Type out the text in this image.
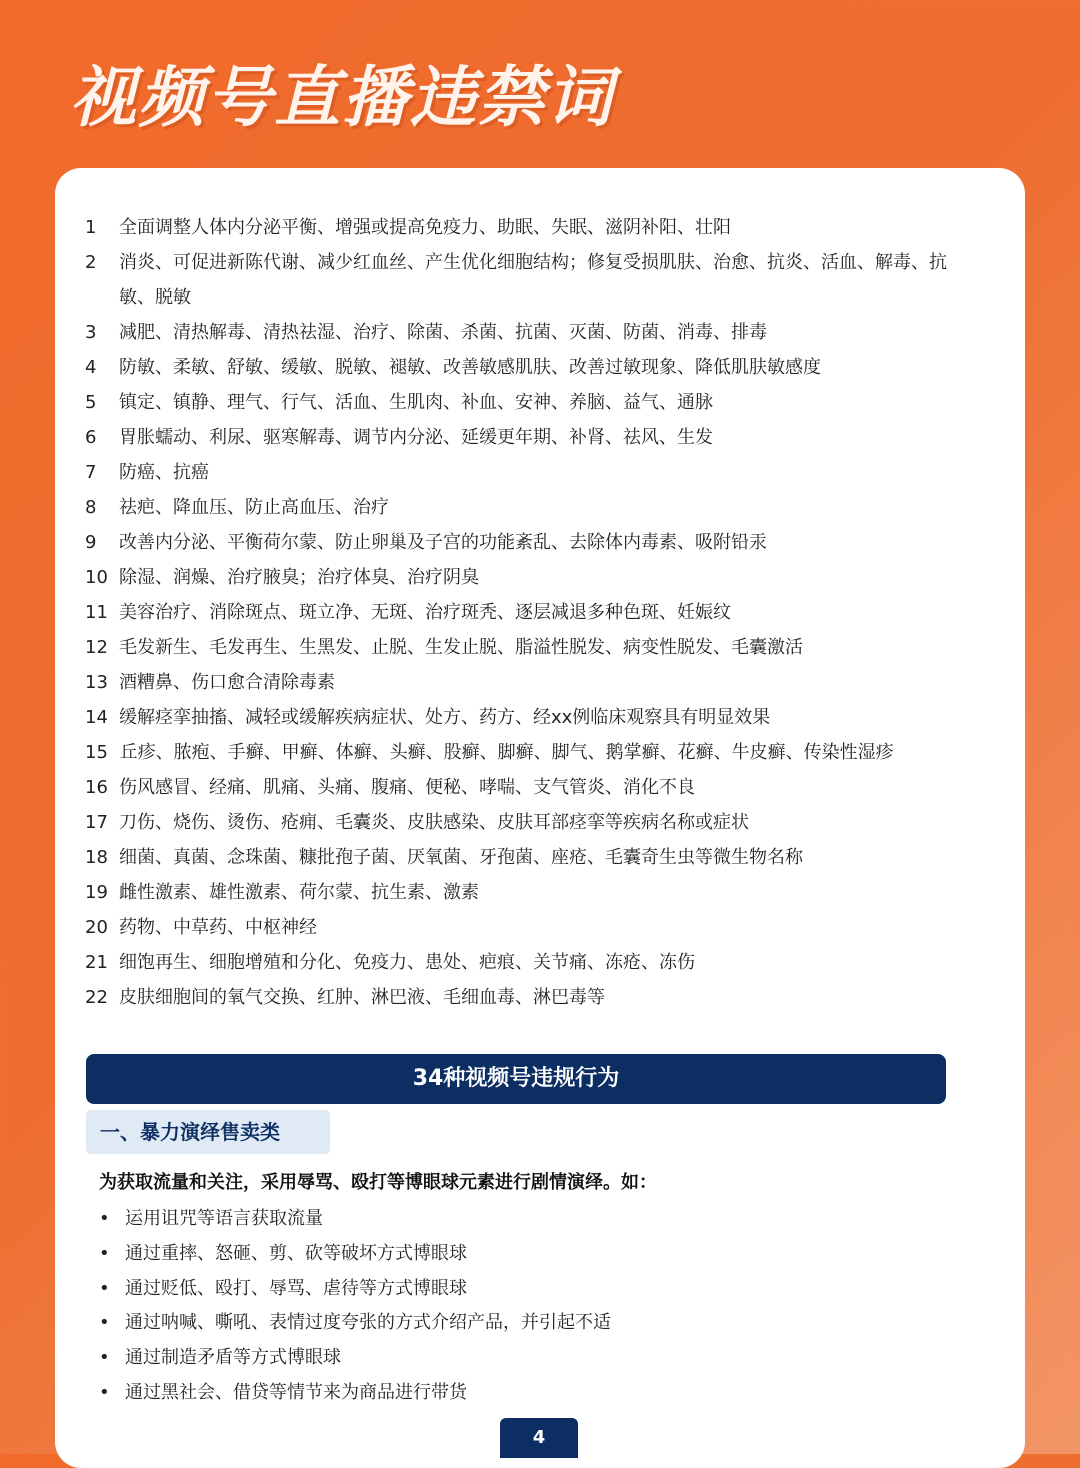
视频号直播违禁词
1	全面调整人体内分泌平衡、增强或提高免疫力、助眠、失眠、滋阴补阳、壮阳
2	消炎、可促进新陈代谢、减少红血丝、产生优化细胞结构；修复受损肌肤、治愈、抗炎、活血、解毒、抗敏、脱敏
3	减肥、清热解毒、清热祛湿、治疗、除菌、杀菌、抗菌、灭菌、防菌、消毒、排毒
4	防敏、柔敏、舒敏、缓敏、脱敏、褪敏、改善敏感肌肤、改善过敏现象、降低肌肤敏感度
5	镇定、镇静、理气、行气、活血、生肌肉、补血、安神、养脑、益气、通脉
6	胃胀蠕动、利尿、驱寒解毒、调节内分泌、延缓更年期、补肾、祛风、生发
7	防癌、抗癌
8	祛疤、降血压、防止高血压、治疗
9	改善内分泌、平衡荷尔蒙、防止卵巢及子宫的功能紊乱、去除体内毒素、吸附铅汞
10 除湿、润燥、治疗腋臭；治疗体臭、治疗阴臭
11 美容治疗、消除斑点、斑立净、无斑、治疗斑秃、逐层减退多种色斑、妊娠纹
12 毛发新生、毛发再生、生黑发、止脱、生发止脱、脂溢性脱发、病变性脱发、毛囊激活
13 酒糟鼻、伤口愈合清除毒素
14 缓解痉挛抽搐、减轻或缓解疾病症状、处方、药方、经xx例临床观察具有明显效果
15 丘疹、脓疱、手癣、甲癣、体癣、头癣、股癣、脚癣、脚气、鹅掌癣、花癣、牛皮癣、传染性湿疹
16 伤风感冒、经痛、肌痛、头痛、腹痛、便秘、哮喘、支气管炎、消化不良
17 刀伤、烧伤、烫伤、疮痈、毛囊炎、皮肤感染、皮肤耳部痉挛等疾病名称或症状
18 细菌、真菌、念珠菌、糠批孢子菌、厌氧菌、牙孢菌、座疮、毛囊奇生虫等微生物名称
19 雌性激素、雄性激素、荷尔蒙、抗生素、激素
20 药物、中草药、中枢神经
21 细饱再生、细胞增殖和分化、免疫力、患处、疤痕、关节痛、冻疮、冻伤
22 皮肤细胞间的氧气交换、红肿、淋巴液、毛细血毒、淋巴毒等
34种视频号违规行为
一、暴力演绎售卖类
为获取流量和关注，采用辱骂、殴打等博眼球元素进行剧情演绎。如：
• 运用诅咒等语言获取流量
• 通过重摔、怒砸、剪、砍等破坏方式博眼球
• 通过贬低、殴打、辱骂、虐待等方式博眼球
• 通过呐喊、嘶吼、表情过度夸张的方式介绍产品，并引起不适
• 通过制造矛盾等方式博眼球
• 通过黑社会、借贷等情节来为商品进行带货
4
